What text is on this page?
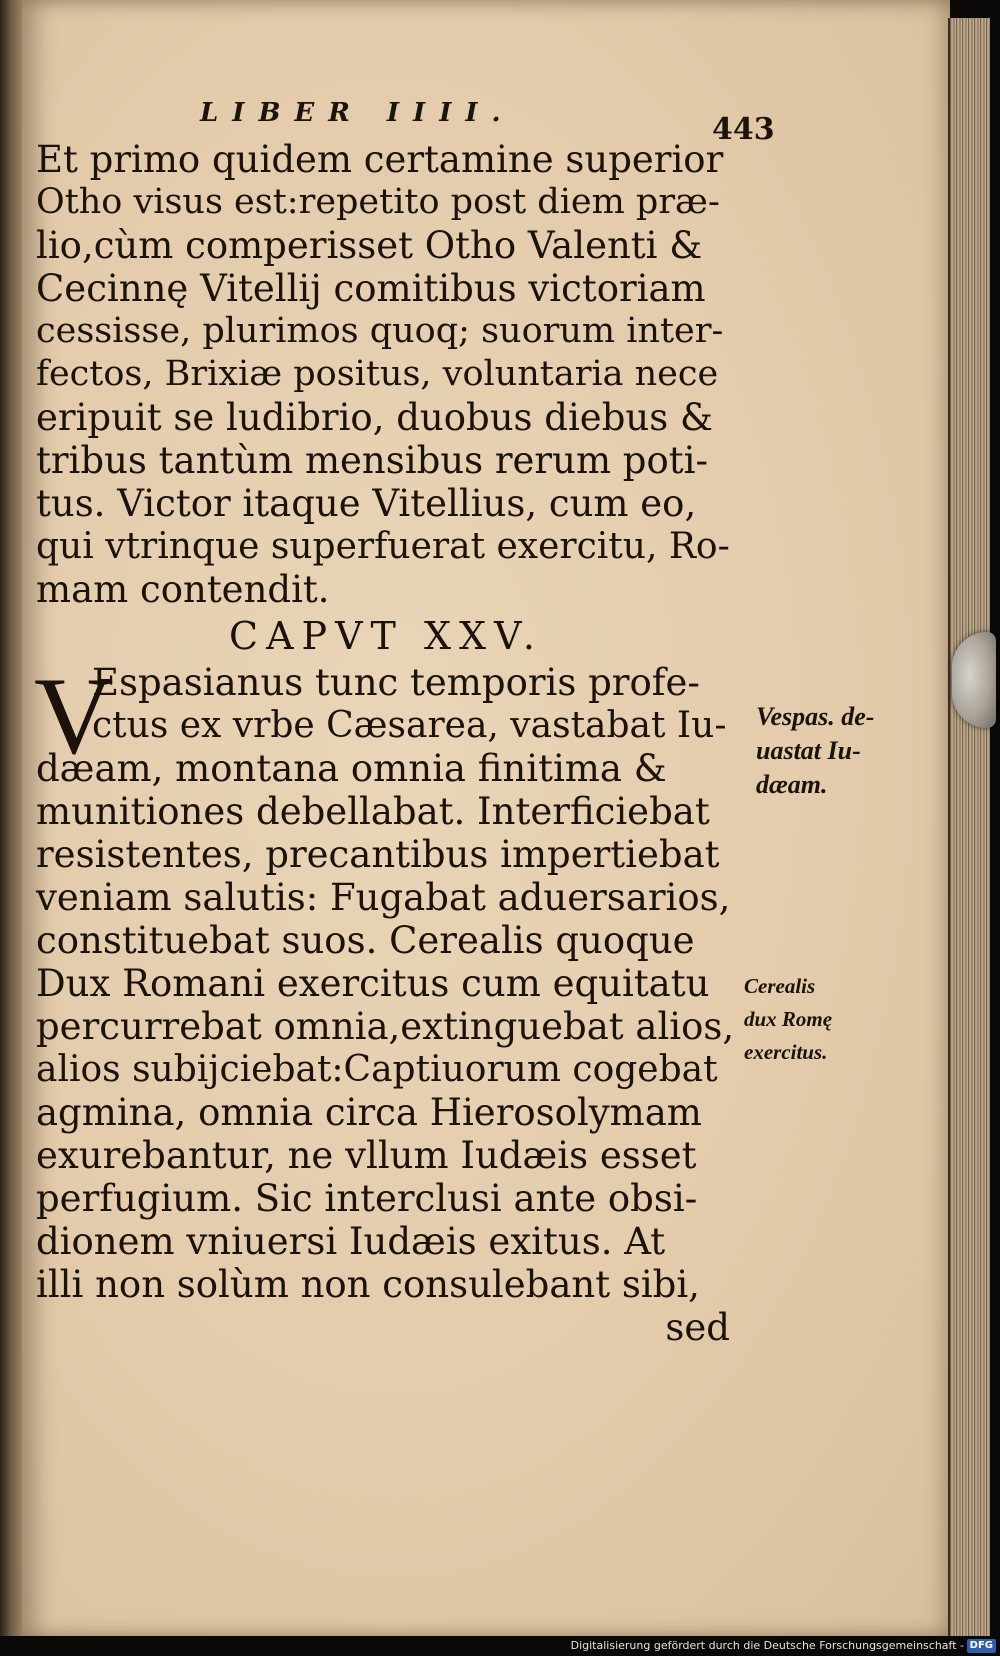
LIBER IIII.	443
Et primo quidem certamine superior
Otho visus est:repetito post diem præ-
lio,cùm comperisset Otho Valenti &
Cecinnę Vitellij comitibus victoriam
cessisse, plurimos quoq; suorum inter-
fectos, Brixiæ positus, voluntaria nece
eripuit se ludibrio, duobus diebus &
tribus tantùm mensibus rerum poti-
tus. Victor itaque Vitellius, cum eo,
qui vtrinque superfuerat exercitu, Ro-
mam contendit.
CAPVT XXV.
Espasianus tunc temporis profe-
ctus ex vrbe Cæsarea, vastabat Iu-
dæam, montana omnia finitima &
munitiones debellabat. Interficiebat
resistentes, precantibus impertiebat
veniam salutis: Fugabat aduersarios,
constituebat suos. Cerealis quoque
Dux Romani exercitus cum equitatu
percurrebat omnia,extinguebat alios,
alios subijciebat:Captiuorum cogebat
agmina, omnia circa Hierosolymam
exurebantur, ne vllum Iudæis esset
perfugium. Sic interclusi ante obsi-
dionem vniuersi Iudæis exitus. At
illi non solùm non consulebant sibi,
sed
V	Vespas. de-
uastat Iu-
dæam.
Cerealis
dux Romę
exercitus.
Digitalisierung gefördert durch die Deutsche Forschungsgemeinschaft - DFG
